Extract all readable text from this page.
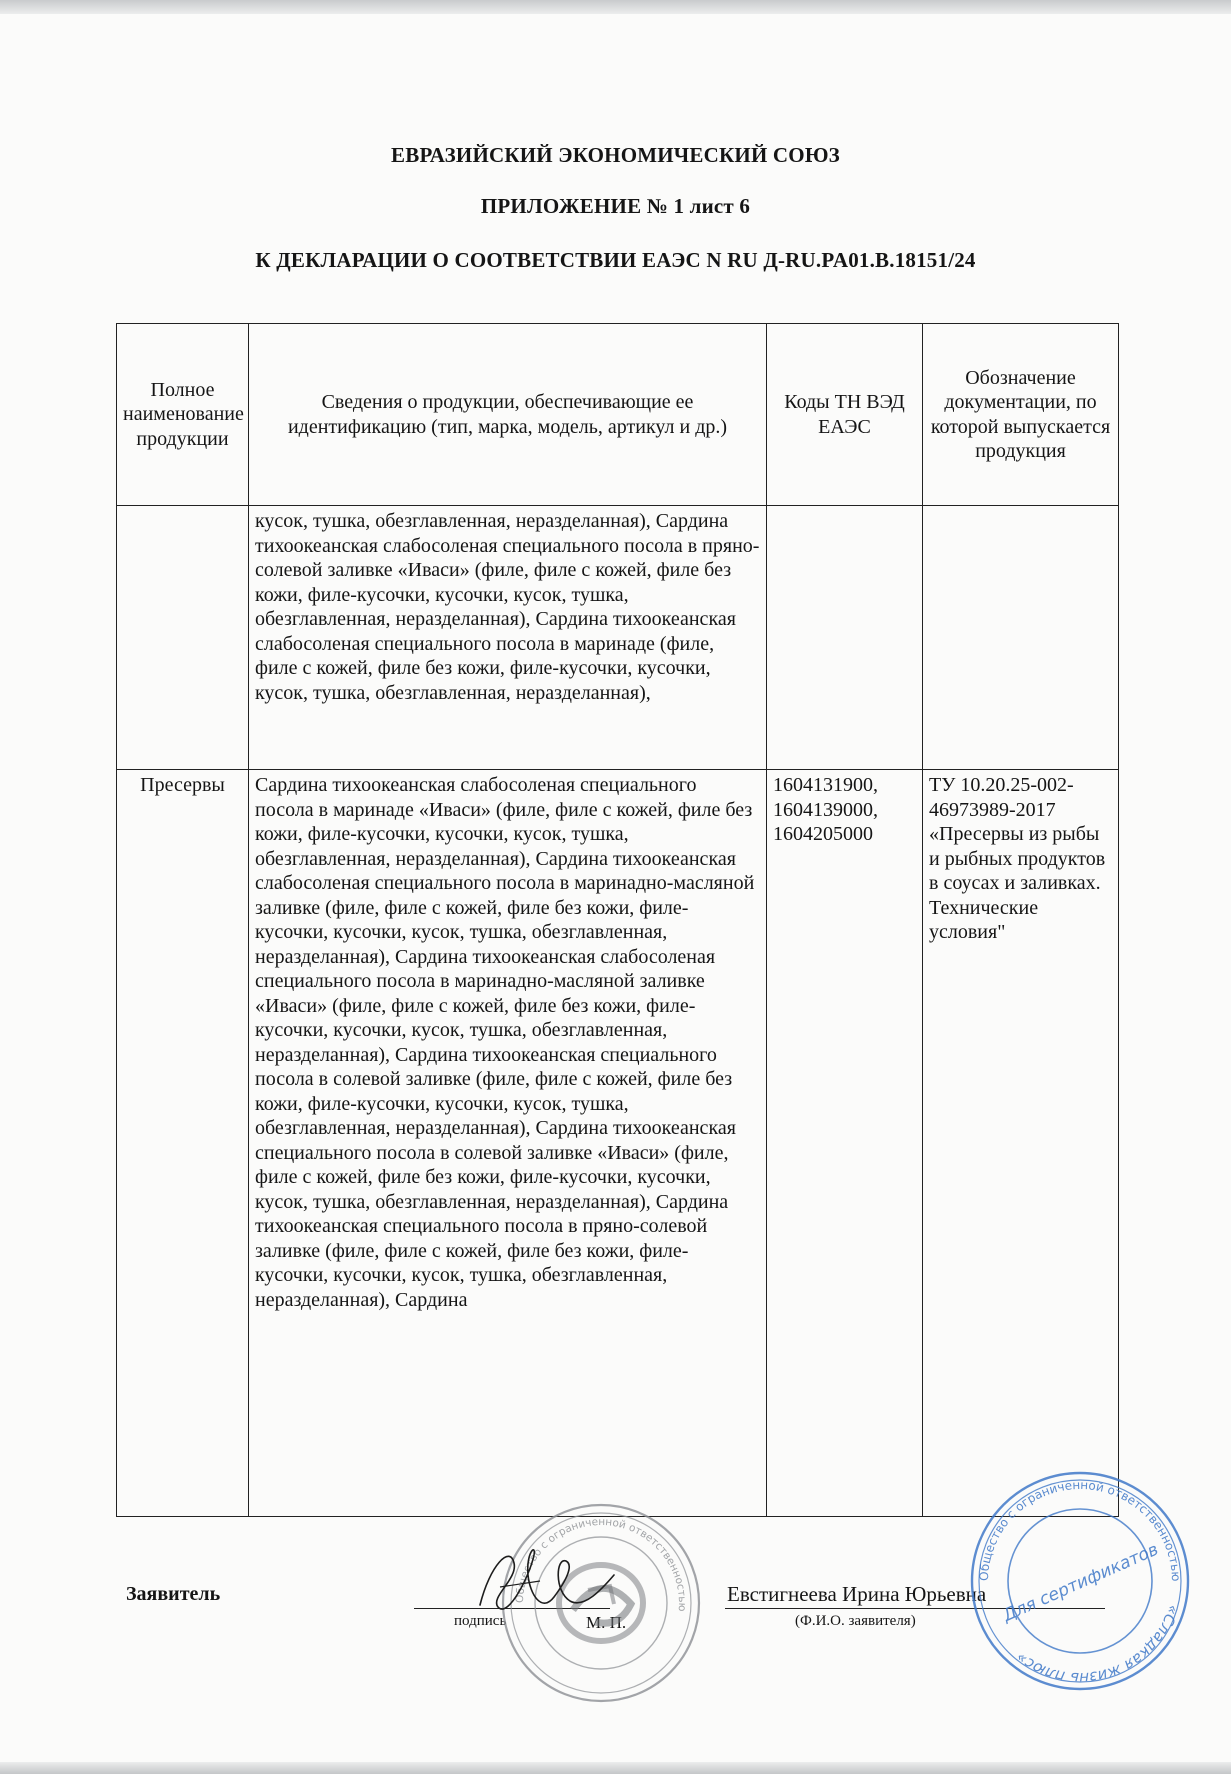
ЕВРАЗИЙСКИЙ ЭКОНОМИЧЕСКИЙ СОЮЗ
ПРИЛОЖЕНИЕ № 1 лист 6
К ДЕКЛАРАЦИИ О СООТВЕТСТВИИ ЕАЭС N RU Д-RU.PA01.B.18151/24
Полное наименование продукции	Сведения о продукции, обеспечивающие ее идентификацию (тип, марка, модель, артикул и др.)	Коды ТН ВЭД ЕАЭС	Обозначение документации, по которой выпускается продукция
	кусок, тушка, обезглавленная, неразделанная), Сардина тихоокеанская слабосоленая специального посола в пряно-солевой заливке «Иваси» (филе, филе с кожей, филе без кожи, филе-кусочки, кусочки, кусок, тушка, обезглавленная, неразделанная), Сардина тихоокеанская слабосоленая специального посола в маринаде (филе, филе с кожей, филе без кожи, филе-кусочки, кусочки, кусок, тушка, обезглавленная, неразделанная),		
Пресервы	Сардина тихоокеанская слабосоленая специального посола в маринаде «Иваси» (филе, филе с кожей, филе без кожи, филе-кусочки, кусочки, кусок, тушка, обезглавленная, неразделанная), Сардина тихоокеанская слабосоленая специального посола в маринадно-масляной заливке (филе, филе с кожей, филе без кожи, филе-кусочки, кусочки, кусок, тушка, обезглавленная, неразделанная), Сардина тихоокеанская слабосоленая специального посола в маринадно-масляной заливке «Иваси» (филе, филе с кожей, филе без кожи, филе-кусочки, кусочки, кусок, тушка, обезглавленная, неразделанная), Сардина тихоокеанская специального посола в солевой заливке (филе, филе с кожей, филе без кожи, филе-кусочки, кусочки, кусок, тушка, обезглавленная, неразделанная), Сардина тихоокеанская специального посола в солевой заливке «Иваси» (филе, филе с кожей, филе без кожи, филе-кусочки, кусочки, кусок, тушка, обезглавленная, неразделанная), Сардина тихоокеанская специального посола в пряно-солевой заливке (филе, филе с кожей, филе без кожи, филе-кусочки, кусочки, кусок, тушка, обезглавленная, неразделанная), Сардина	1604131900, 1604139000, 1604205000	ТУ 10.20.25-002-46973989-2017 «Пресервы из рыбы и рыбных продуктов в соусах и заливках. Технические условия"
Заявитель
подпись	М. П.
Евстигнеева Ирина Юрьевна
(Ф.И.О. заявителя)
Общество с ограниченной ответственностью
Общество с ограниченной ответственностью
«Сладкая жизнь плюс»
Для сертификатов
